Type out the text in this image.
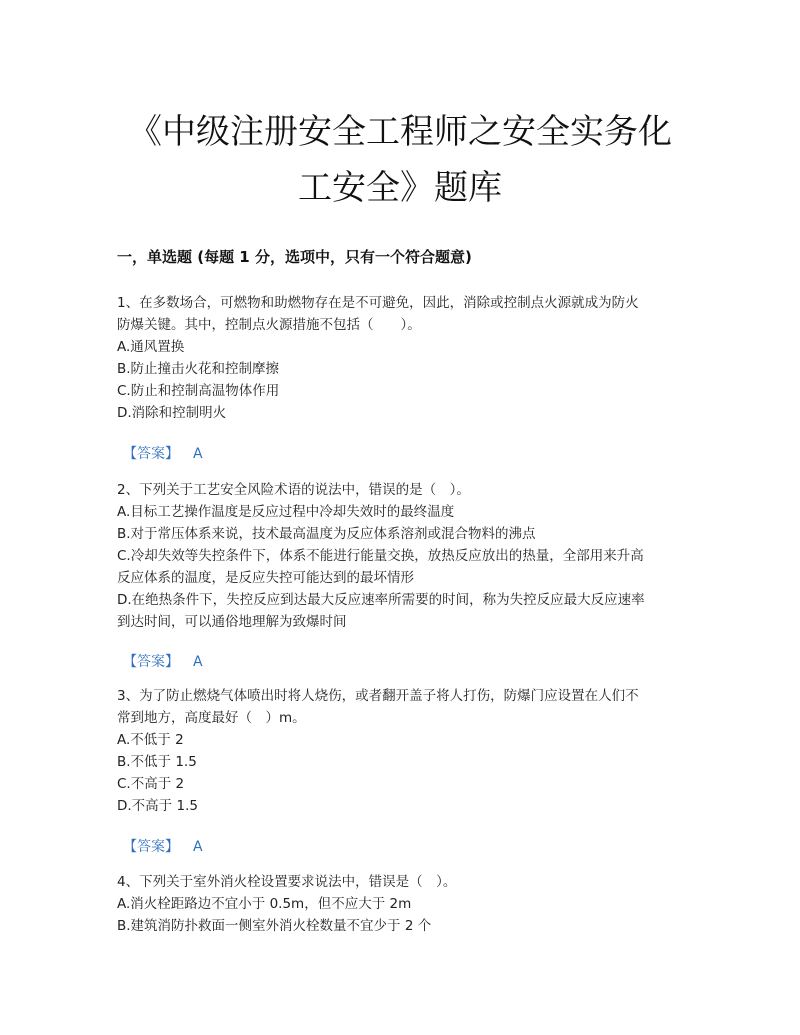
《中级注册安全工程师之安全实务化
工安全》题库
一，单选题 (每题 1 分，选项中，只有一个符合题意)

1、在多数场合，可燃物和助燃物存在是不可避免，因此，消除或控制点火源就成为防火
防爆关键。其中，控制点火源措施不包括（　　）。

A.通风置换

B.防止撞击火花和控制摩擦

C.防止和控制高温物体作用

D.消除和控制明火

【答案】 A

2、下列关于工艺安全风险术语的说法中，错误的是（　）。

A.目标工艺操作温度是反应过程中冷却失效时的最终温度

B.对于常压体系来说，技术最高温度为反应体系溶剂或混合物料的沸点

C.冷却失效等失控条件下，体系不能进行能量交换，放热反应放出的热量，全部用来升高

反应体系的温度，是反应失控可能达到的最坏情形

D.在绝热条件下，失控反应到达最大反应速率所需要的时间，称为失控反应最大反应速率

到达时间，可以通俗地理解为致爆时间

【答案】 A

3、为了防止燃烧气体喷出时将人烧伤，或者翻开盖子将人打伤，防爆门应设置在人们不
常到地方，高度最好（　）m。

A.不低于 2

B.不低于 1.5

C.不高于 2

D.不高于 1.5

【答案】 A

4、下列关于室外消火栓设置要求说法中，错误是（　）。

A.消火栓距路边不宜小于 0.5m，但不应大于 2m

B.建筑消防扑救面一侧室外消火栓数量不宜少于 2 个
